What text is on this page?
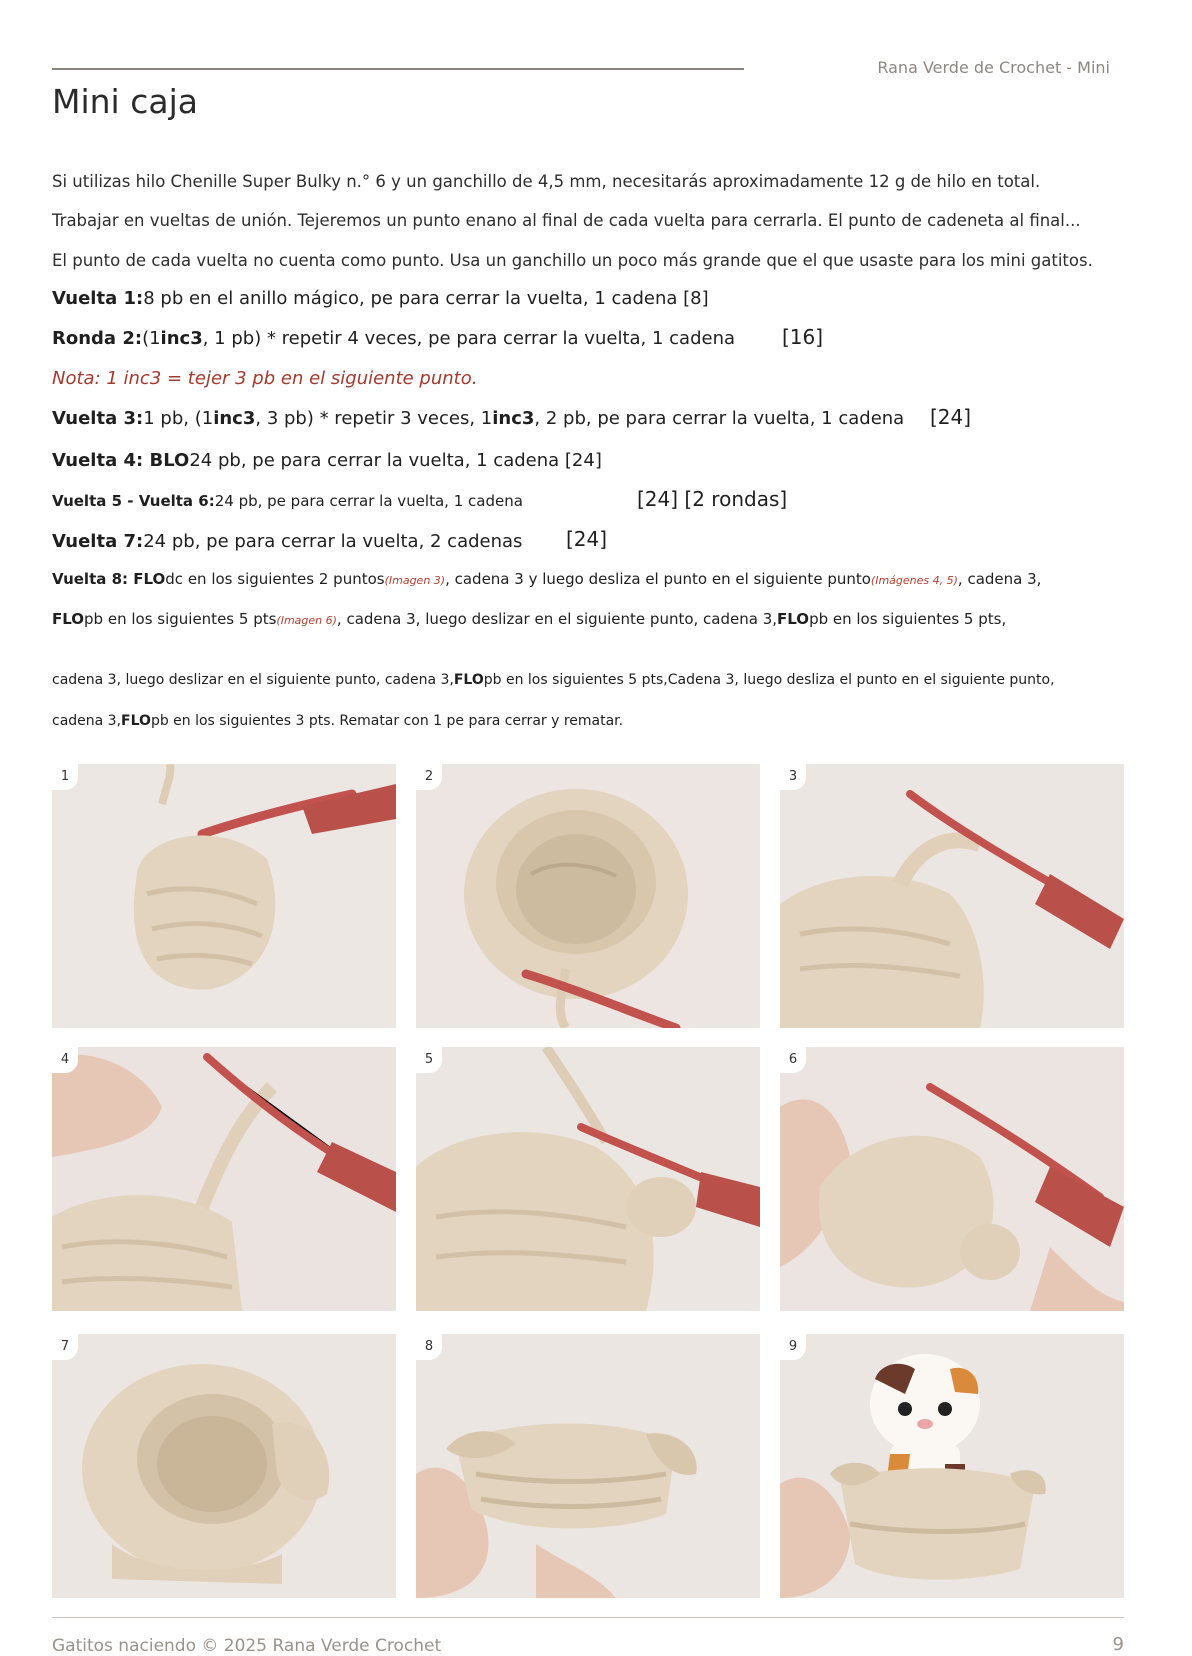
Rana Verde de Crochet - Mini
Mini caja
Si utilizas hilo Chenille Super Bulky n.° 6 y un ganchillo de 4,5 mm, necesitarás aproximadamente 12 g de hilo en total.
Trabajar en vueltas de unión. Tejeremos un punto enano al final de cada vuelta para cerrarla. El punto de cadeneta al final...
El punto de cada vuelta no cuenta como punto. Usa un ganchillo un poco más grande que el que usaste para los mini gatitos.
Vuelta 1:8 pb en el anillo mágico, pe para cerrar la vuelta, 1 cadena [8]
Ronda 2:(1inc3, 1 pb) * repetir 4 veces, pe para cerrar la vuelta, 1 cadena [16]
Nota: 1 inc3 = tejer 3 pb en el siguiente punto.
Vuelta 3:1 pb, (1inc3, 3 pb) * repetir 3 veces, 1inc3, 2 pb, pe para cerrar la vuelta, 1 cadena [24]
Vuelta 4: BLO24 pb, pe para cerrar la vuelta, 1 cadena [24]
Vuelta 5 - Vuelta 6:24 pb, pe para cerrar la vuelta, 1 cadena	[24] [2 rondas]
Vuelta 7:24 pb, pe para cerrar la vuelta, 2 cadenas [24]
Vuelta 8: FLOdc en los siguientes 2 puntos(Imagen 3), cadena 3 y luego desliza el punto en el siguiente punto(Imágenes 4, 5), cadena 3,
FLOpb en los siguientes 5 pts(Imagen 6), cadena 3, luego deslizar en el siguiente punto, cadena 3,FLOpb en los siguientes 5 pts,
cadena 3, luego deslizar en el siguiente punto, cadena 3,FLOpb en los siguientes 5 pts,Cadena 3, luego desliza el punto en el siguiente punto,
cadena 3,FLOpb en los siguientes 3 pts. Rematar con 1 pe para cerrar y rematar.
1	2	3
4	5	6
7	8	9
Gatitos naciendo © 2025 Rana Verde Crochet	9
